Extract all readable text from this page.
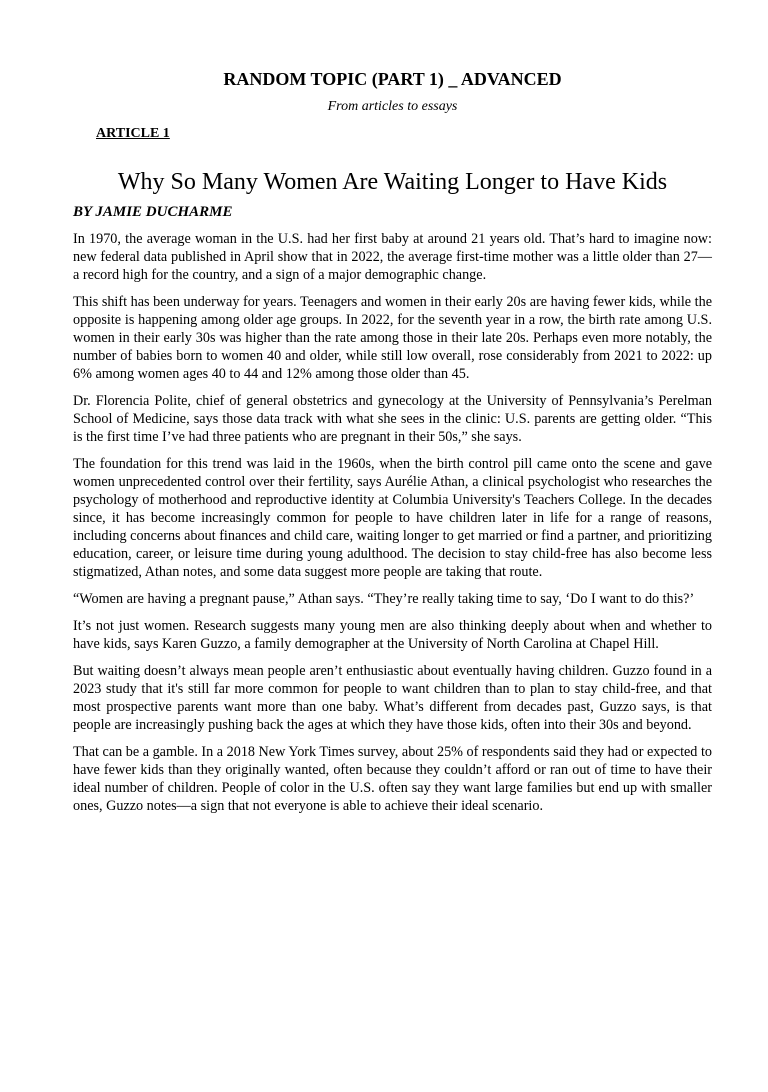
RANDOM TOPIC (PART 1) _ ADVANCED
From articles to essays
ARTICLE 1
Why So Many Women Are Waiting Longer to Have Kids
BY JAMIE DUCHARME

In 1970, the average woman in the U.S. had her first baby at around 21 years old. That’s hard to imagine now: new federal data published in April show that in 2022, the average first-time mother was a little older than 27—a record high for the country, and a sign of a major demographic change.

This shift has been underway for years. Teenagers and women in their early 20s are having fewer kids, while the opposite is happening among older age groups. In 2022, for the seventh year in a row, the birth rate among U.S. women in their early 30s was higher than the rate among those in their late 20s. Perhaps even more notably, the number of babies born to women 40 and older, while still low overall, rose considerably from 2021 to 2022: up 6% among women ages 40 to 44 and 12% among those older than 45.

Dr. Florencia Polite, chief of general obstetrics and gynecology at the University of Pennsylvania’s Perelman School of Medicine, says those data track with what she sees in the clinic: U.S. parents are getting older. “This is the first time I’ve had three patients who are pregnant in their 50s,” she says.

The foundation for this trend was laid in the 1960s, when the birth control pill came onto the scene and gave women unprecedented control over their fertility, says Aurélie Athan, a clinical psychologist who researches the psychology of motherhood and reproductive identity at Columbia University's Teachers College. In the decades since, it has become increasingly common for people to have children later in life for a range of reasons, including concerns about finances and child care, waiting longer to get married or find a partner, and prioritizing education, career, or leisure time during young adulthood. The decision to stay child-free has also become less stigmatized, Athan notes, and some data suggest more people are taking that route.

“Women are having a pregnant pause,” Athan says. “They’re really taking time to say, ‘Do I want to do this?’

It’s not just women. Research suggests many young men are also thinking deeply about when and whether to have kids, says Karen Guzzo, a family demographer at the University of North Carolina at Chapel Hill.

But waiting doesn’t always mean people aren’t enthusiastic about eventually having children. Guzzo found in a 2023 study that it's still far more common for people to want children than to plan to stay child-free, and that most prospective parents want more than one baby. What’s different from decades past, Guzzo says, is that people are increasingly pushing back the ages at which they have those kids, often into their 30s and beyond.

That can be a gamble. In a 2018 New York Times survey, about 25% of respondents said they had or expected to have fewer kids than they originally wanted, often because they couldn’t afford or ran out of time to have their ideal number of children. People of color in the U.S. often say they want large families but end up with smaller ones, Guzzo notes—a sign that not everyone is able to achieve their ideal scenario.
